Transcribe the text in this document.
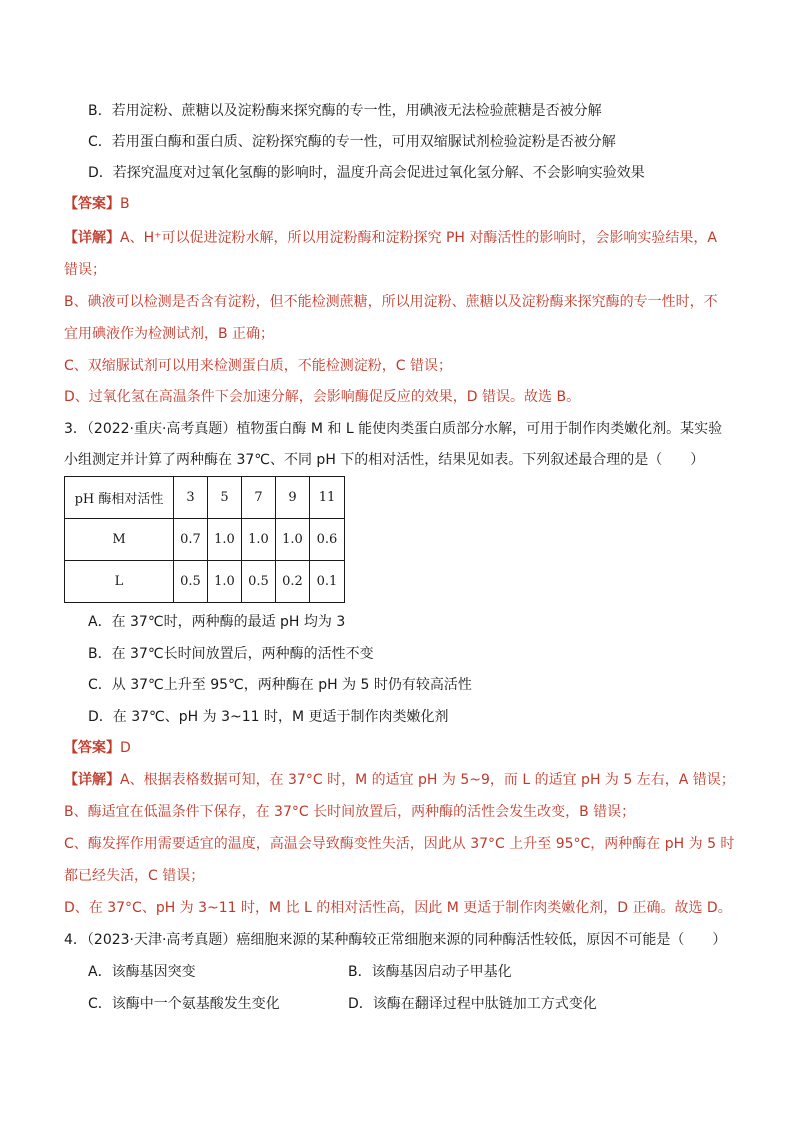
B．若用淀粉、蔗糖以及淀粉酶来探究酶的专一性，用碘液无法检验蔗糖是否被分解
C．若用蛋白酶和蛋白质、淀粉探究酶的专一性，可用双缩脲试剂检验淀粉是否被分解
D．若探究温度对过氧化氢酶的影响时，温度升高会促进过氧化氢分解、不会影响实验效果
【答案】B
【详解】A、H⁺可以促进淀粉水解，所以用淀粉酶和淀粉探究 PH 对酶活性的影响时，会影响实验结果，A
错误；
B、碘液可以检测是否含有淀粉，但不能检测蔗糖，所以用淀粉、蔗糖以及淀粉酶来探究酶的专一性时，不
宜用碘液作为检测试剂，B 正确；
C、双缩脲试剂可以用来检测蛋白质，不能检测淀粉，C 错误；
D、过氧化氢在高温条件下会加速分解，会影响酶促反应的效果，D 错误。故选 B。
3．（2022·重庆·高考真题）植物蛋白酶 M 和 L 能使肉类蛋白质部分水解，可用于制作肉类嫩化剂。某实验
小组测定并计算了两种酶在 37℃、不同 pH 下的相对活性，结果见如表。下列叙述最合理的是（　　）
pH 酶相对活性	3	5	7	9	11
M	0.7	1.0	1.0	1.0	0.6
L	0.5	1.0	0.5	0.2	0.1
A．在 37℃时，两种酶的最适 pH 均为 3
B．在 37℃长时间放置后，两种酶的活性不变
C．从 37℃上升至 95℃，两种酶在 pH 为 5 时仍有较高活性
D．在 37℃、pH 为 3~11 时，M 更适于制作肉类嫩化剂
【答案】D
【详解】A、根据表格数据可知，在 37°C 时，M 的适宜 pH 为 5~9，而 L 的适宜 pH 为 5 左右，A 错误；
B、酶适宜在低温条件下保存，在 37°C 长时间放置后，两种酶的活性会发生改变，B 错误；
C、酶发挥作用需要适宜的温度，高温会导致酶变性失活，因此从 37°C 上升至 95°C，两种酶在 pH 为 5 时
都已经失活，C 错误；
D、在 37°C、pH 为 3~11 时，M 比 L 的相对活性高，因此 M 更适于制作肉类嫩化剂，D 正确。故选 D。
4．（2023·天津·高考真题）癌细胞来源的某种酶较正常细胞来源的同种酶活性较低，原因不可能是（　　）
A．该酶基因突变	B．该酶基因启动子甲基化
C．该酶中一个氨基酸发生变化	D．该酶在翻译过程中肽链加工方式变化
